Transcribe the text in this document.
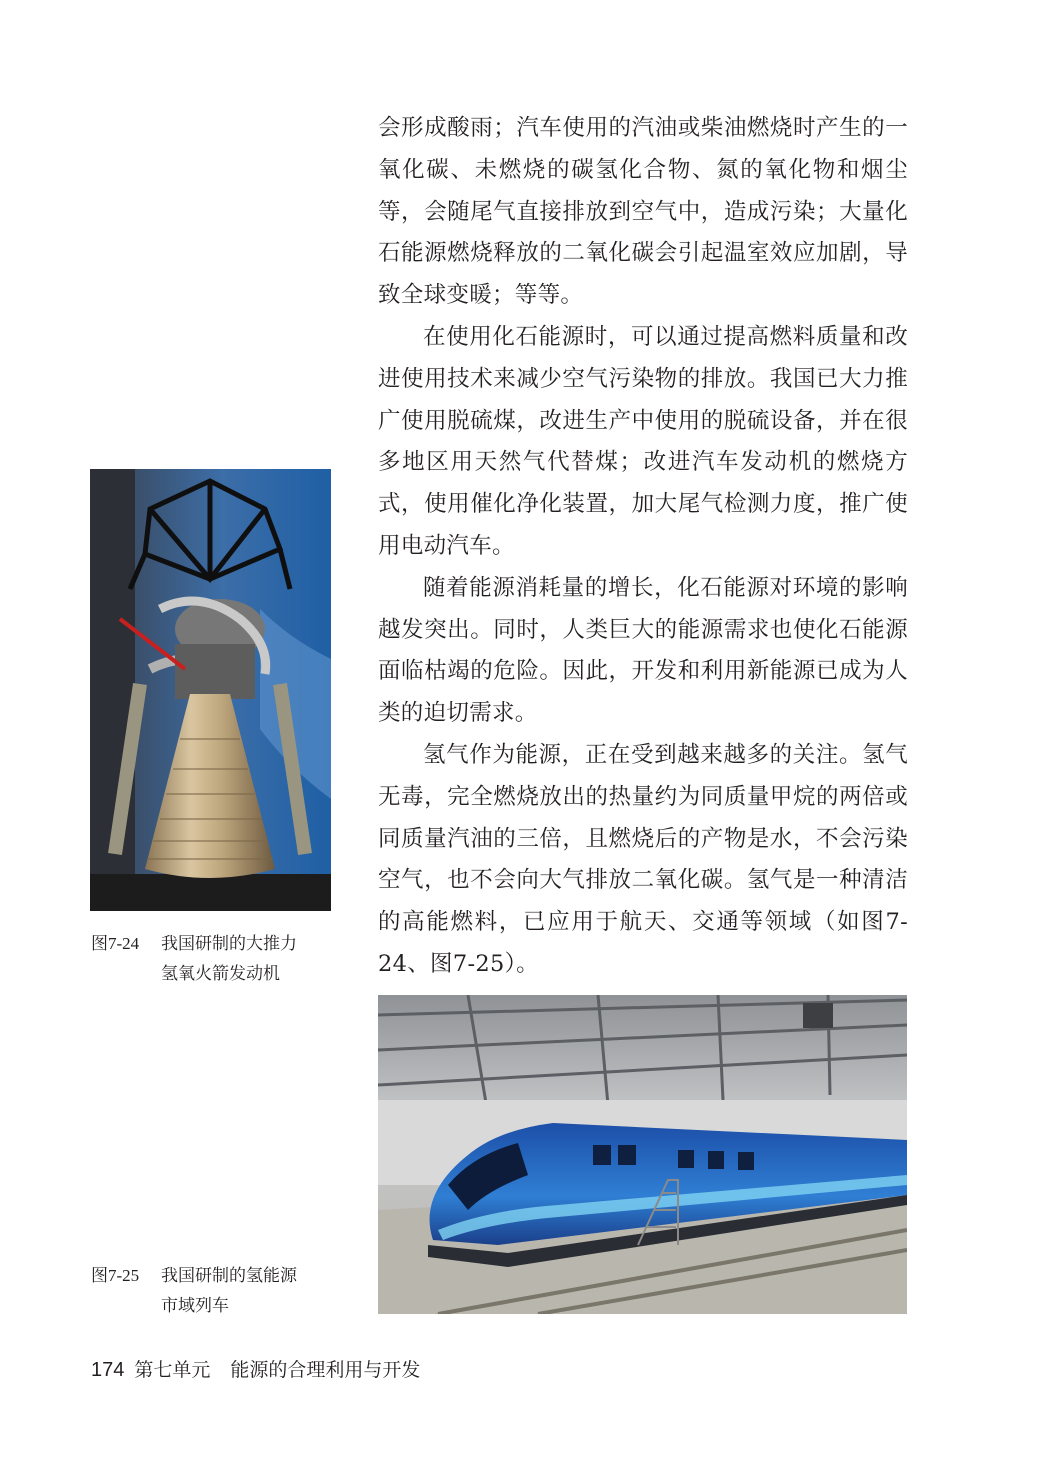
会形成酸雨；汽车使用的汽油或柴油燃烧时产生的一氧化碳、未燃烧的碳氢化合物、氮的氧化物和烟尘等，会随尾气直接排放到空气中，造成污染；大量化石能源燃烧释放的二氧化碳会引起温室效应加剧，导致全球变暖；等等。

在使用化石能源时，可以通过提高燃料质量和改进使用技术来减少空气污染物的排放。我国已大力推广使用脱硫煤，改进生产中使用的脱硫设备，并在很多地区用天然气代替煤；改进汽车发动机的燃烧方式，使用催化净化装置，加大尾气检测力度，推广使用电动汽车。

随着能源消耗量的增长，化石能源对环境的影响越发突出。同时，人类巨大的能源需求也使化石能源面临枯竭的危险。因此，开发和利用新能源已成为人类的迫切需求。

氢气作为能源，正在受到越来越多的关注。氢气无毒，完全燃烧放出的热量约为同质量甲烷的两倍或同质量汽油的三倍，且燃烧后的产物是水，不会污染空气，也不会向大气排放二氧化碳。氢气是一种清洁的高能燃料，已应用于航天、交通等领域（如图7-24、图7-25）。

图7-24 我国研制的大推力
氢氧火箭发动机
图7-25 我国研制的氢能源
市域列车
174 第七单元 能源的合理利用与开发
